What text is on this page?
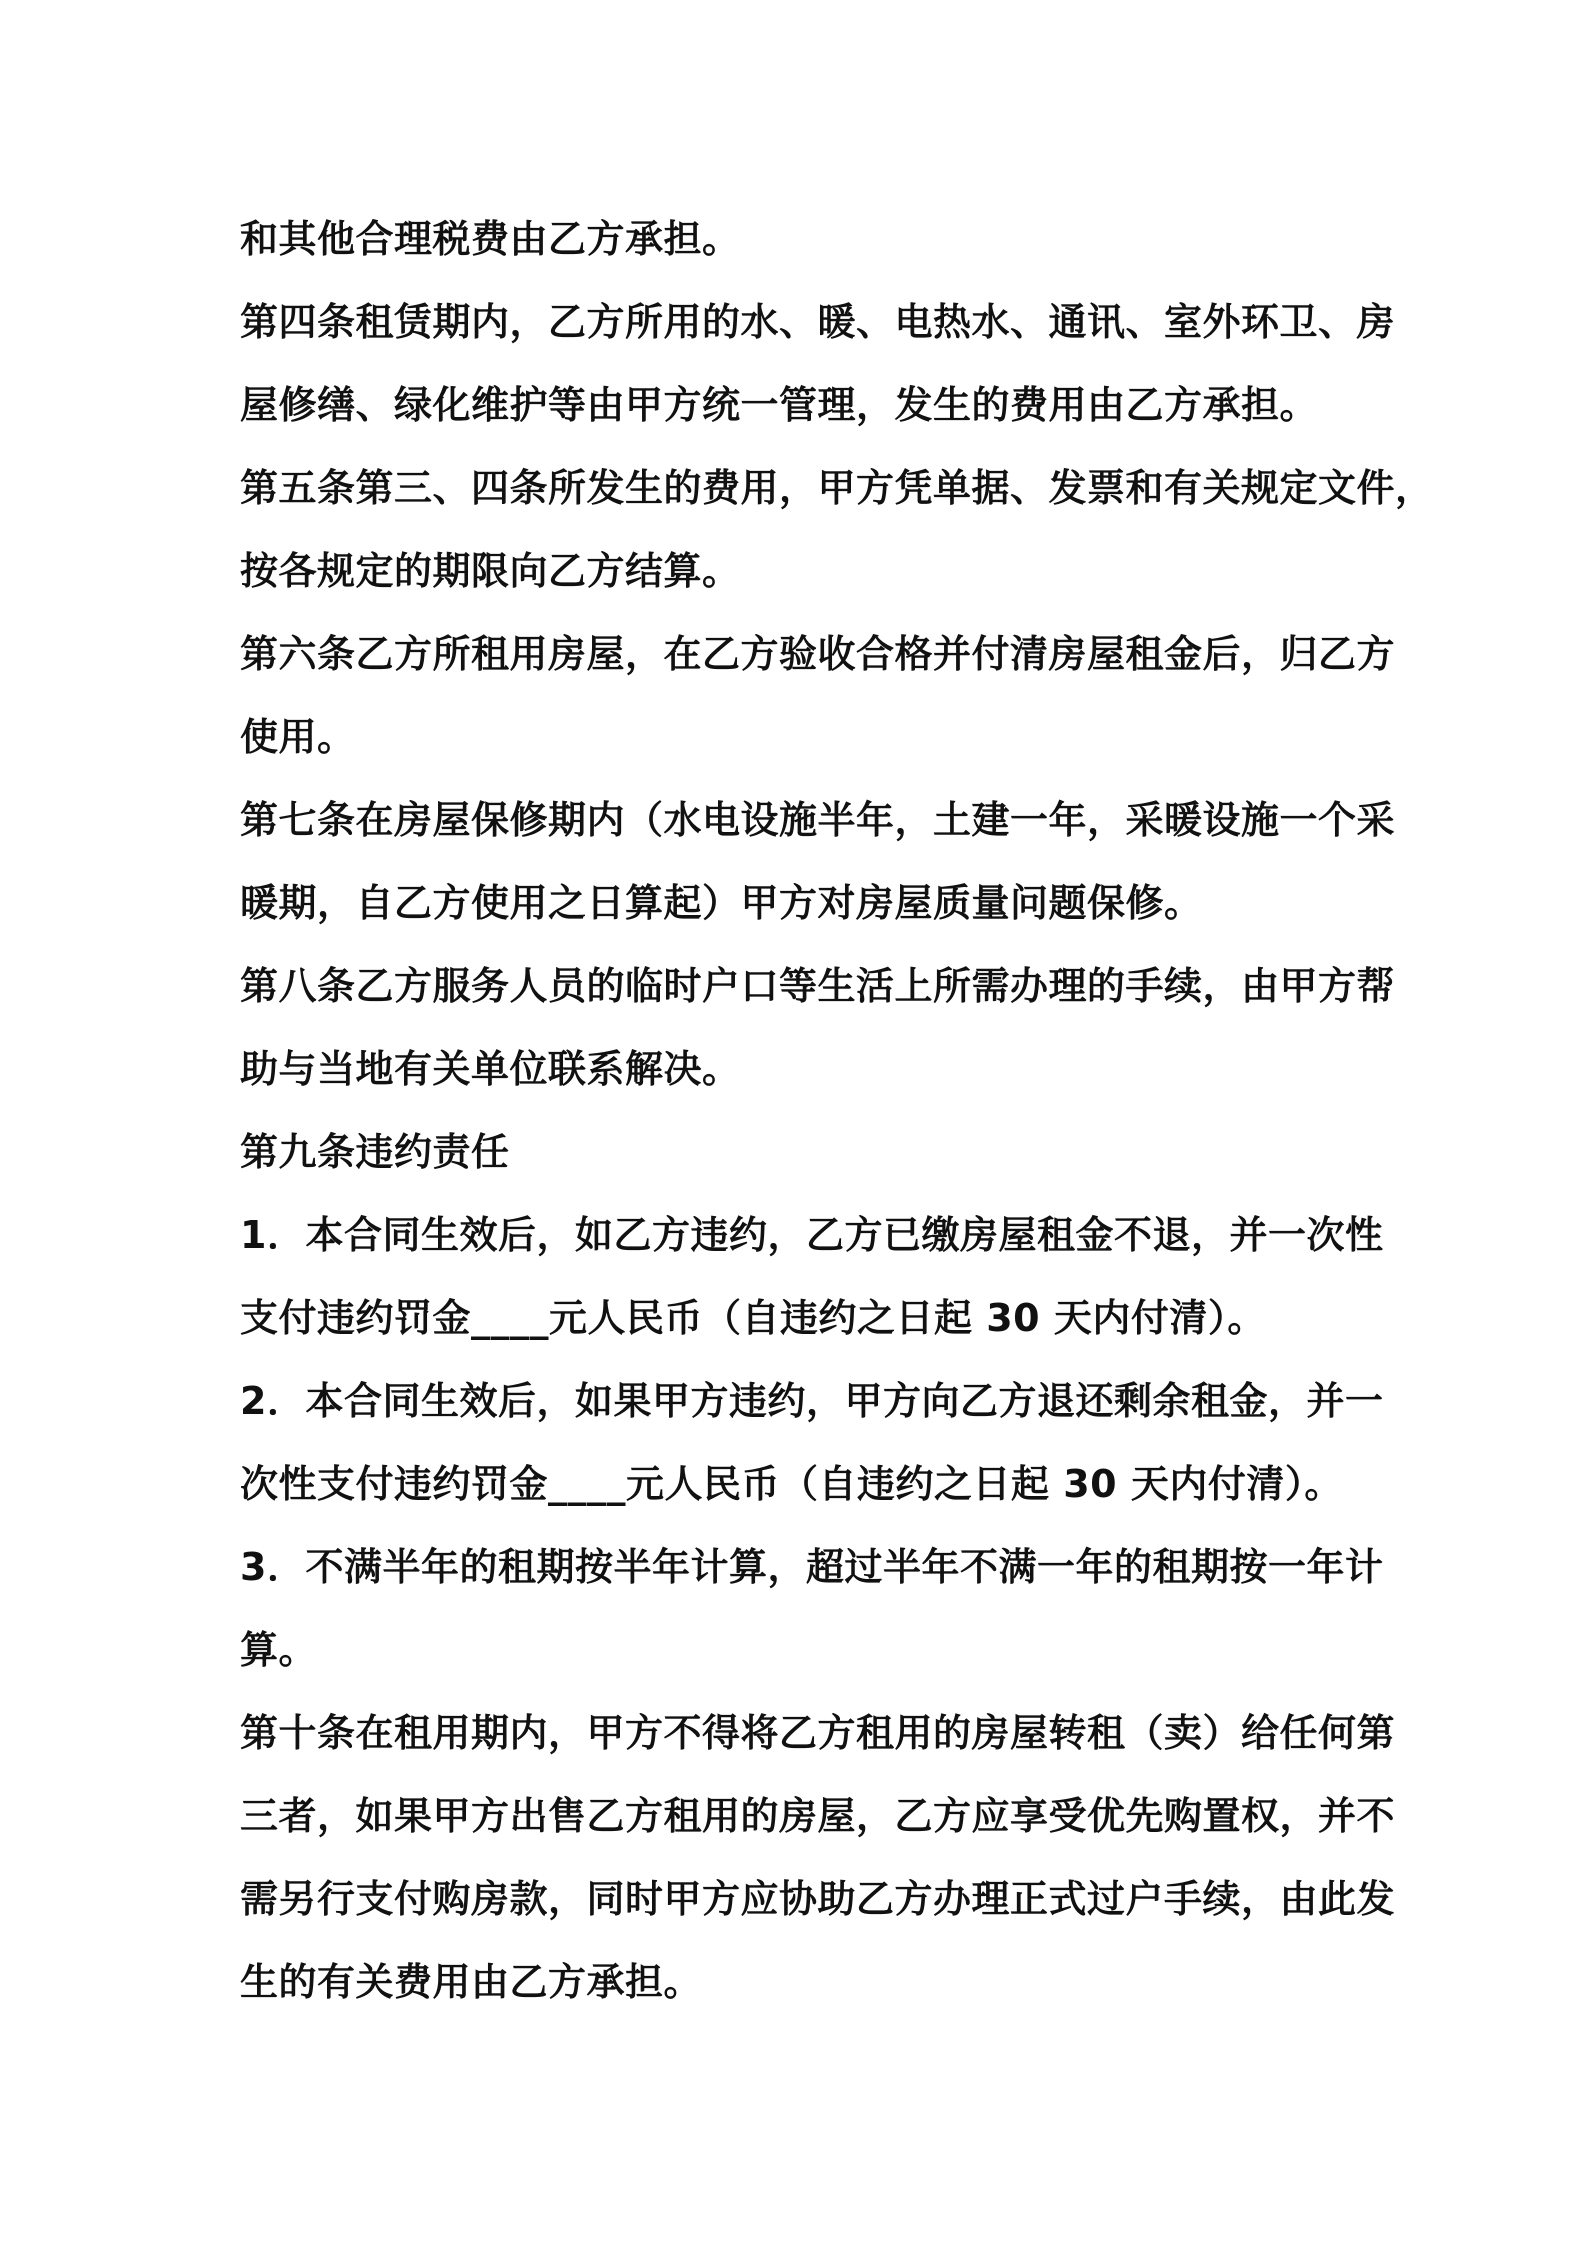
和其他合理税费由乙方承担。

第四条租赁期内，乙方所用的水、暖、电热水、通讯、室外环卫、房
屋修缮、绿化维护等由甲方统一管理，发生的费用由乙方承担。

第五条第三、四条所发生的费用，甲方凭单据、发票和有关规定文件，
按各规定的期限向乙方结算。

第六条乙方所租用房屋，在乙方验收合格并付清房屋租金后，归乙方
使用。

第七条在房屋保修期内（水电设施半年，土建一年，采暖设施一个采
暖期，自乙方使用之日算起）甲方对房屋质量问题保修。

第八条乙方服务人员的临时户口等生活上所需办理的手续，由甲方帮
助与当地有关单位联系解决。

第九条违约责任

1．本合同生效后，如乙方违约，乙方已缴房屋租金不退，并一次性
支付违约罚金____元人民币（自违约之日起 30 天内付清）。

2．本合同生效后，如果甲方违约，甲方向乙方退还剩余租金，并一
次性支付违约罚金____元人民币（自违约之日起 30 天内付清）。

3．不满半年的租期按半年计算，超过半年不满一年的租期按一年计
算。

第十条在租用期内，甲方不得将乙方租用的房屋转租（卖）给任何第
三者，如果甲方出售乙方租用的房屋，乙方应享受优先购置权，并不
需另行支付购房款，同时甲方应协助乙方办理正式过户手续，由此发
生的有关费用由乙方承担。
